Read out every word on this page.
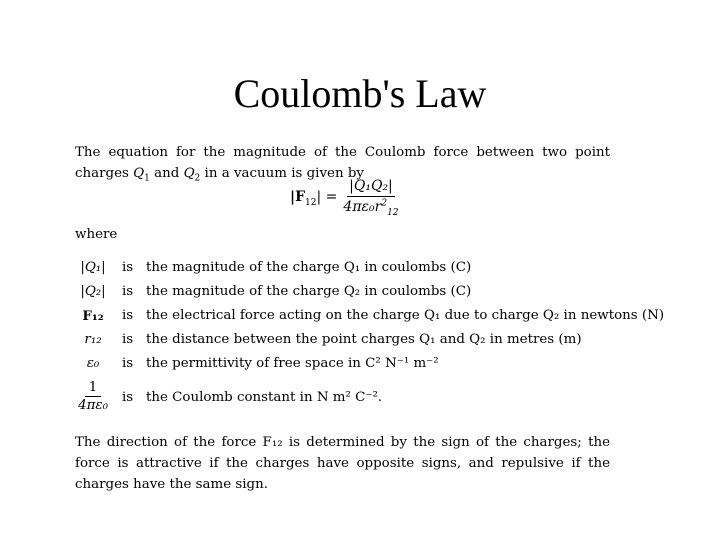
Coulomb's Law
The equation for the magnitude of the Coulomb force between two point charges $Q_1$ and $Q_2$ in a vacuum is given by
$|F_{12}| = \frac{\text{|Q₁Q₂|}}{4\pi\varepsilon_0r^2_{12}}$
where
|Q₁|	is the magnitude of the charge Q₁ in coulombs (C)
|Q₂|	is the magnitude of the charge Q₂ in coulombs (C)
F₁₂	is the electrical force acting on the charge Q₁ due to charge Q₂ in newtons (N)
r₁₂	is the distance between the point charges Q₁ and Q₂ in metres (m)
ε₀	is the permittivity of free space in C² N⁻¹ m⁻²
$\frac{1}{\text{4πε₀}}$ is the Coulomb constant in N m² C⁻².
The direction of the force F₁₂ is determined by the sign of the charges; the force is attractive if the charges have opposite signs, and repulsive if the charges have the same sign.
